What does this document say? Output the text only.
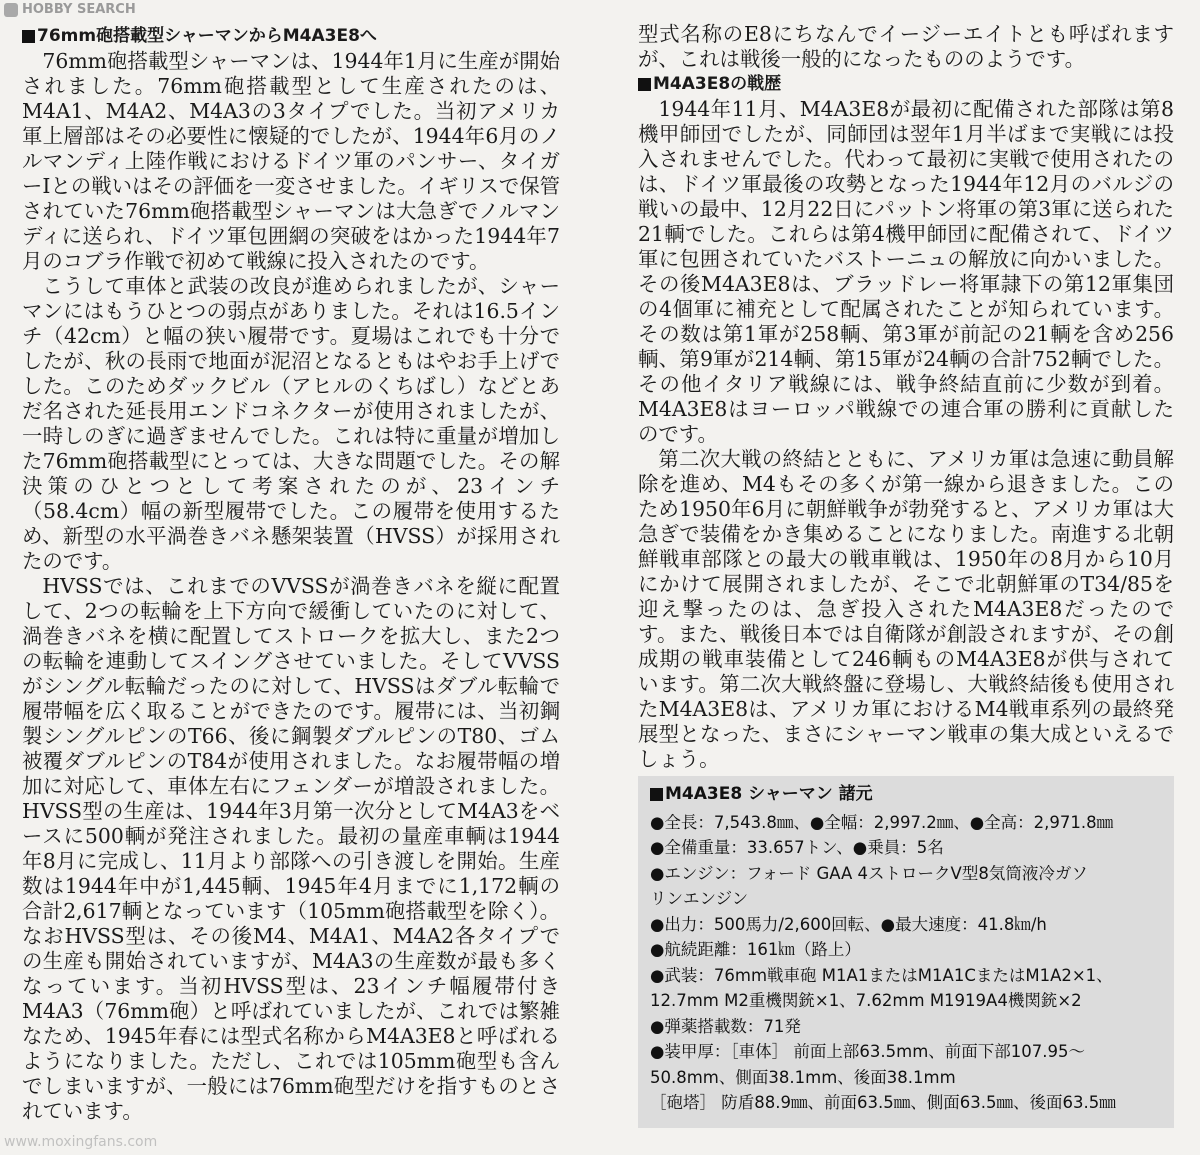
HOBBY SEARCH
76mm砲搭載型シャーマンからM4A3E8へ

76mm砲搭載型シャーマンは、1944年1月に生産が開始されました。76mm砲搭載型として生産されたのは、M4A1、M4A2、M4A3の3タイプでした。当初アメリカ軍上層部はその必要性に懐疑的でしたが、1944年6月のノルマンディ上陸作戦におけるドイツ軍のパンサー、タイガーIとの戦いはその評価を一変させました。イギリスで保管されていた76mm砲搭載型シャーマンは大急ぎでノルマンディに送られ、ドイツ軍包囲網の突破をはかった1944年7月のコブラ作戦で初めて戦線に投入されたのです。

こうして車体と武装の改良が進められましたが、シャーマンにはもうひとつの弱点がありました。それは16.5インチ（42cm）と幅の狭い履帯です。夏場はこれでも十分でしたが、秋の長雨で地面が泥沼となるともはやお手上げでした。このためダックビル（アヒルのくちばし）などとあだ名された延長用エンドコネクターが使用されましたが、一時しのぎに過ぎませんでした。これは特に重量が増加した76mm砲搭載型にとっては、大きな問題でした。その解決策のひとつとして考案されたのが、23インチ（58.4cm）幅の新型履帯でした。この履帯を使用するため、新型の水平渦巻きバネ懸架装置（HVSS）が採用されたのです。

HVSSでは、これまでのVVSSが渦巻きバネを縦に配置して、2つの転輪を上下方向で緩衝していたのに対して、渦巻きバネを横に配置してストロークを拡大し、また2つの転輪を連動してスイングさせていました。そしてVVSSがシングル転輪だったのに対して、HVSSはダブル転輪で履帯幅を広く取ることができたのです。履帯には、当初鋼製シングルピンのT66、後に鋼製ダブルピンのT80、ゴム被覆ダブルピンのT84が使用されました。なお履帯幅の増加に対応して、車体左右にフェンダーが増設されました。HVSS型の生産は、1944年3月第一次分としてM4A3をベースに500輌が発注されました。最初の量産車輌は1944年8月に完成し、11月より部隊への引き渡しを開始。生産数は1944年中が1,445輌、1945年4月までに1,172輌の合計2,617輌となっています（105mm砲搭載型を除く）。なおHVSS型は、その後M4、M4A1、M4A2各タイプでの生産も開始されていますが、M4A3の生産数が最も多くなっています。当初HVSS型は、23インチ幅履帯付きM4A3（76mm砲）と呼ばれていましたが、これでは繁雑なため、1945年春には型式名称からM4A3E8と呼ばれるようになりました。ただし、これでは105mm砲型も含んでしまいますが、一般には76mm砲型だけを指すものとされています。

型式名称のE8にちなんでイージーエイトとも呼ばれますが、これは戦後一般的になったもののようです。

M4A3E8の戦歴

1944年11月、M4A3E8が最初に配備された部隊は第8機甲師団でしたが、同師団は翌年1月半ばまで実戦には投入されませんでした。代わって最初に実戦で使用されたのは、ドイツ軍最後の攻勢となった1944年12月のバルジの戦いの最中、12月22日にパットン将軍の第3軍に送られた21輌でした。これらは第4機甲師団に配備されて、ドイツ軍に包囲されていたバストーニュの解放に向かいました。その後M4A3E8は、ブラッドレー将軍隷下の第12軍集団の4個軍に補充として配属されたことが知られています。その数は第1軍が258輌、第3軍が前記の21輌を含め256輌、第9軍が214輌、第15軍が24輌の合計752輌でした。その他イタリア戦線には、戦争終結直前に少数が到着。M4A3E8はヨーロッパ戦線での連合軍の勝利に貢献したのです。

第二次大戦の終結とともに、アメリカ軍は急速に動員解除を進め、M4もその多くが第一線から退きました。このため1950年6月に朝鮮戦争が勃発すると、アメリカ軍は大急ぎで装備をかき集めることになりました。南進する北朝鮮戦車部隊との最大の戦車戦は、1950年の8月から10月にかけて展開されましたが、そこで北朝鮮軍のT34/85を迎え撃ったのは、急ぎ投入されたM4A3E8だったのです。また、戦後日本では自衛隊が創設されますが、その創成期の戦車装備として246輌ものM4A3E8が供与されています。第二次大戦終盤に登場し、大戦終結後も使用されたM4A3E8は、アメリカ軍におけるM4戦車系列の最終発展型となった、まさにシャーマン戦車の集大成といえるでしょう。

M4A3E8 シャーマン 諸元
●全長：7,543.8㎜、●全幅：2,997.2㎜、●全高：2,971.8㎜
●全備重量：33.657トン、●乗員：5名
●エンジン：フォード GAA 4ストロークV型8気筒液冷ガソ
リンエンジン
●出力：500馬力/2,600回転、●最大速度：41.8㎞/h
●航続距離：161㎞（路上）
●武装：76mm戦車砲 M1A1またはM1A1CまたはM1A2×1、
12.7mm M2重機関銃×1、7.62mm M1919A4機関銃×2
●弾薬搭載数：71発
●装甲厚：［車体］ 前面上部63.5mm、前面下部107.95～
50.8mm、側面38.1mm、後面38.1mm
［砲塔］ 防盾88.9㎜、前面63.5㎜、側面63.5㎜、後面63.5㎜
www.moxingfans.com
